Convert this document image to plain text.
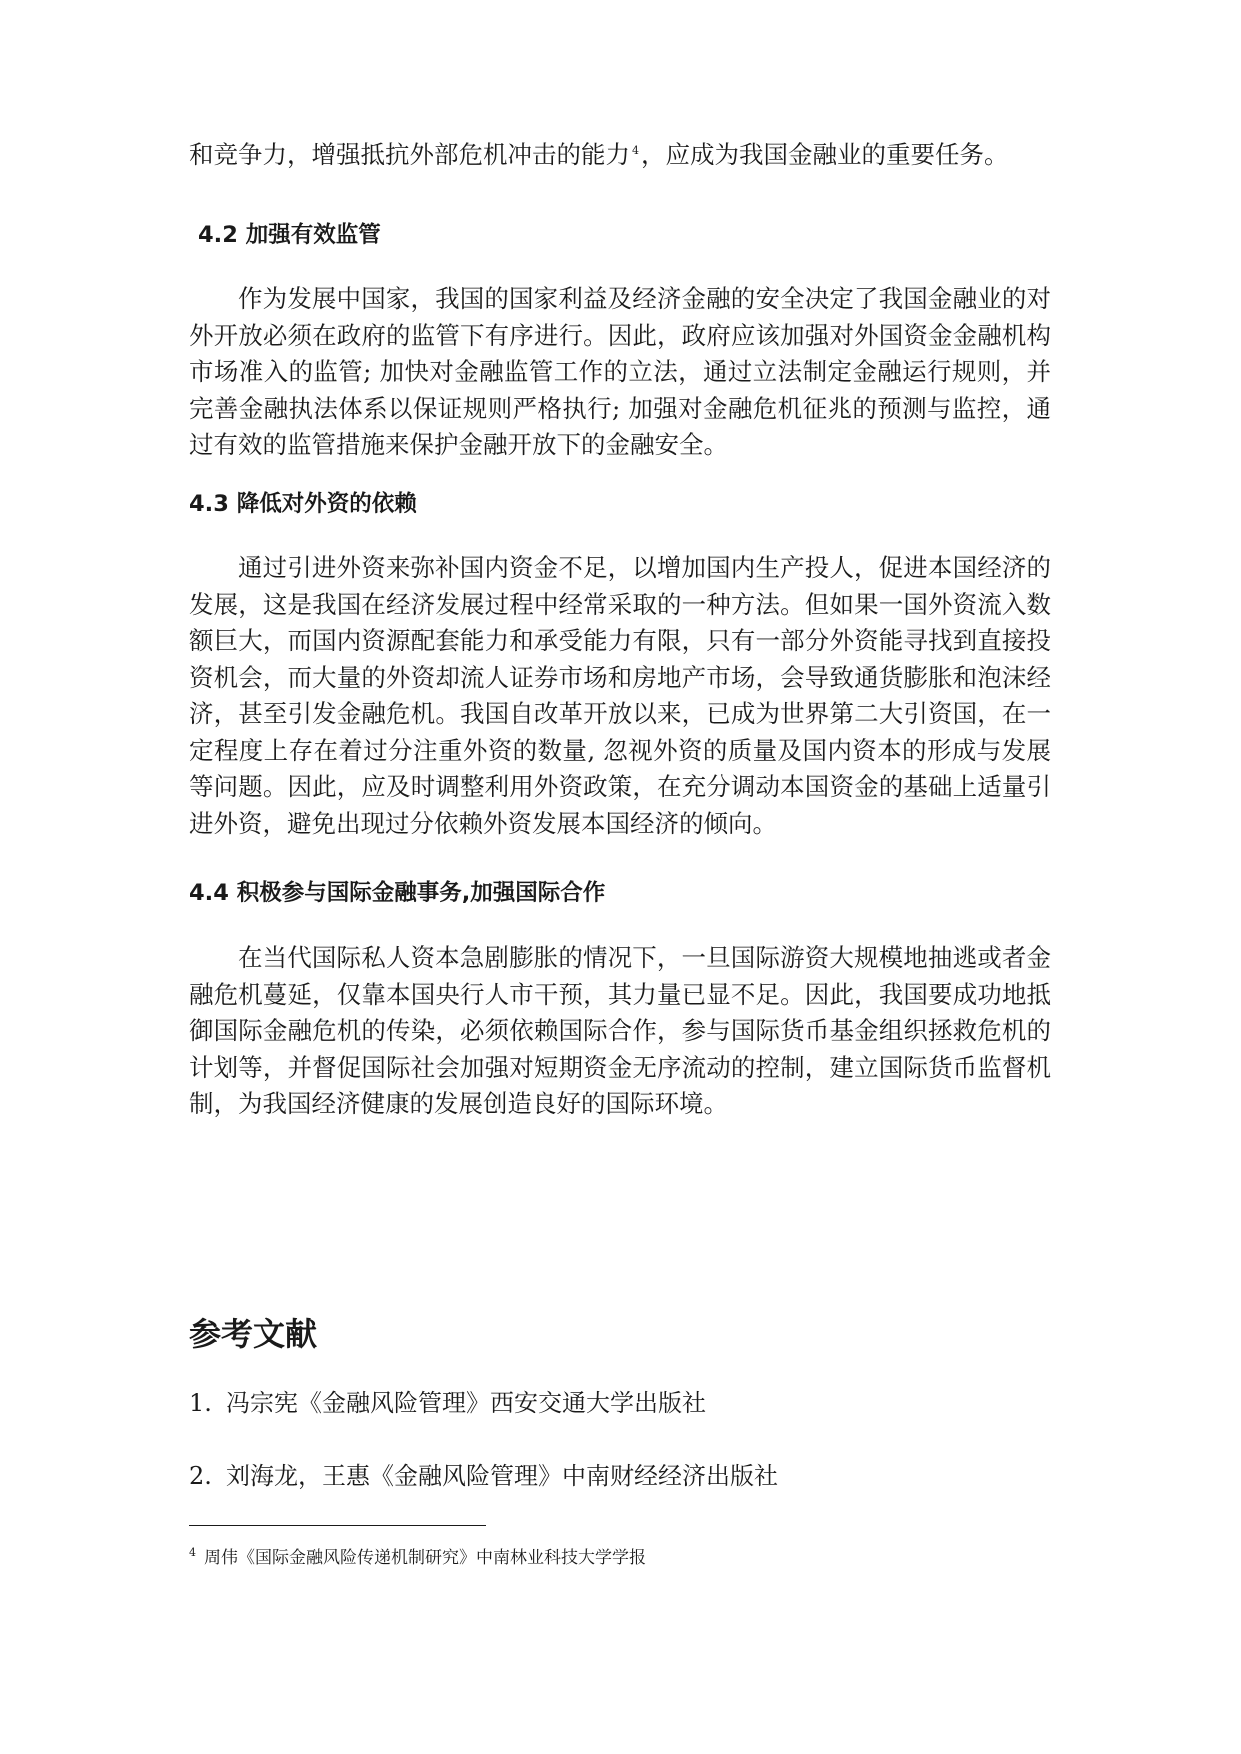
和竞争力，增强抵抗外部危机冲击的能力 $^4$，应成为我国金融业的重要任务。

4.2 加强有效监管

作为发展中国家，我国的国家利益及经济金融的安全决定了我国金融业的对外开放必须在政府的监管下有序进行。因此，政府应该加强对外国资金金融机构市场准入的监管; 加快对金融监管工作的立法，通过立法制定金融运行规则，并完善金融执法体系以保证规则严格执行; 加强对金融危机征兆的预测与监控，通过有效的监管措施来保护金融开放下的金融安全。

4.3 降低对外资的依赖

通过引进外资来弥补国内资金不足，以增加国内生产投人，促进本国经济的发展，这是我国在经济发展过程中经常采取的一种方法。但如果一国外资流入数额巨大，而国内资源配套能力和承受能力有限，只有一部分外资能寻找到直接投资机会，而大量的外资却流人证券市场和房地产市场，会导致通货膨胀和泡沫经济，甚至引发金融危机。我国自改革开放以来，已成为世界第二大引资国，在一定程度上存在着过分注重外资的数量, 忽视外资的质量及国内资本的形成与发展等问题。因此，应及时调整利用外资政策，在充分调动本国资金的基础上适量引进外资，避免出现过分依赖外资发展本国经济的倾向。

4.4 积极参与国际金融事务,加强国际合作

在当代国际私人资本急剧膨胀的情况下，一旦国际游资大规模地抽逃或者金融危机蔓延，仅靠本国央行人市干预，其力量已显不足。因此，我国要成功地抵御国际金融危机的传染，必须依赖国际合作，参与国际货币基金组织拯救危机的计划等，并督促国际社会加强对短期资金无序流动的控制，建立国际货币监督机制，为我国经济健康的发展创造良好的国际环境。

参考文献

1. 冯宗宪《金融风险管理》西安交通大学出版社

2. 刘海龙，王惠《金融风险管理》中南财经经济出版社

$^4$ 周伟《国际金融风险传递机制研究》中南林业科技大学学报
